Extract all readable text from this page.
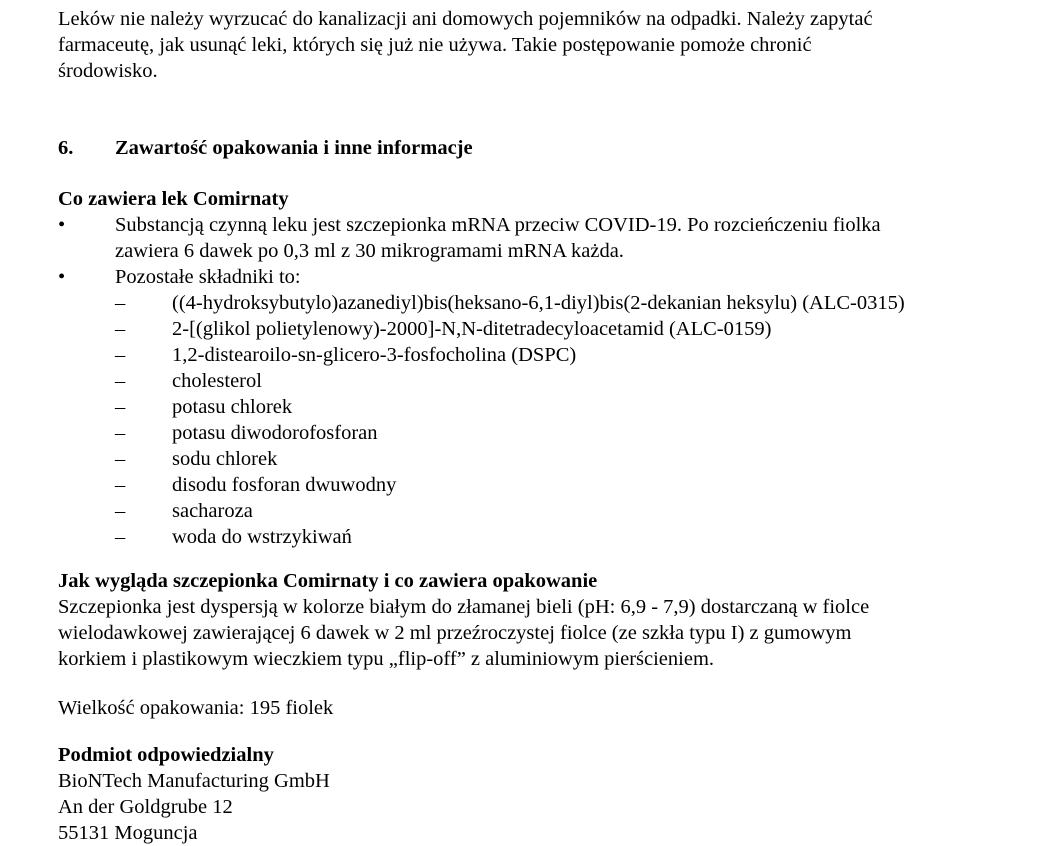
Leków nie należy wyrzucać do kanalizacji ani domowych pojemników na odpadki. Należy zapytać
farmaceutę, jak usunąć leki, których się już nie używa. Takie postępowanie pomoże chronić
środowisko.
6.	Zawartość opakowania i inne informacje
Co zawiera lek Comirnaty
•	Substancją czynną leku jest szczepionka mRNA przeciw COVID-19. Po rozcieńczeniu fiolka
zawiera 6 dawek po 0,3 ml z 30 mikrogramami mRNA każda.
•	Pozostałe składniki to:
–	((4-hydroksybutylo)azanediyl)bis(heksano-6,1-diyl)bis(2-dekanian heksylu) (ALC-0315)
–	2-[(glikol polietylenowy)-2000]-N,N-ditetradecyloacetamid (ALC-0159)
–	1,2-distearoilo-sn-glicero-3-fosfocholina (DSPC)
–	cholesterol
–	potasu chlorek
–	potasu diwodorofosforan
–	sodu chlorek
–	disodu fosforan dwuwodny
–	sacharoza
–	woda do wstrzykiwań
Jak wygląda szczepionka Comirnaty i co zawiera opakowanie
Szczepionka jest dyspersją w kolorze białym do złamanej bieli (pH: 6,9 - 7,9) dostarczaną w fiolce
wielodawkowej zawierającej 6 dawek w 2 ml przeźroczystej fiolce (ze szkła typu I) z gumowym
korkiem i plastikowym wieczkiem typu „flip-off” z aluminiowym pierścieniem.
Wielkość opakowania: 195 fiolek
Podmiot odpowiedzialny
BioNTech Manufacturing GmbH
An der Goldgrube 12
55131 Moguncja
